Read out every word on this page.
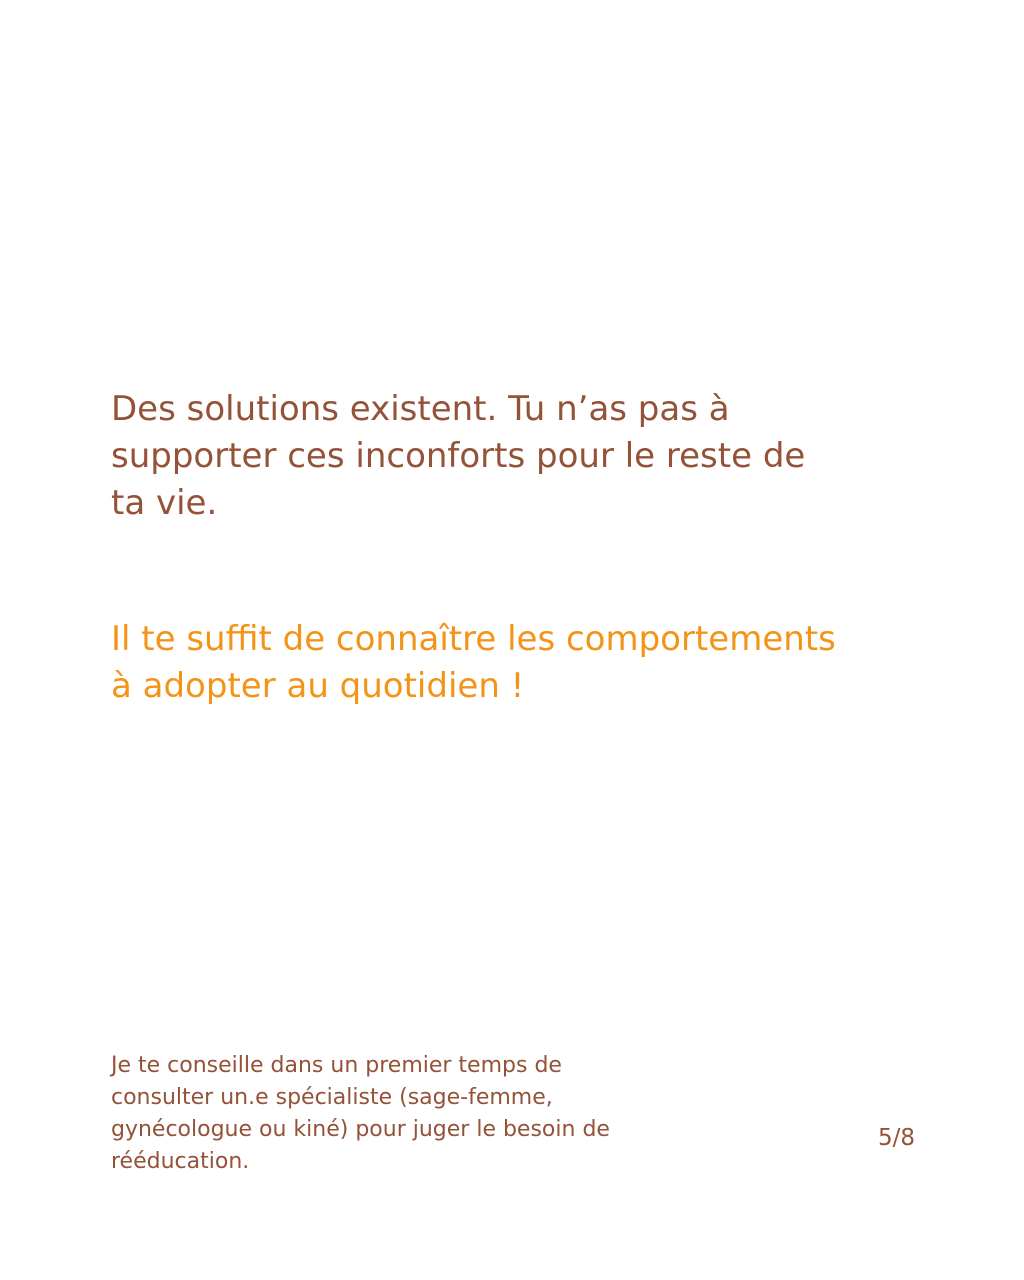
Des solutions existent. Tu n’as pas à
supporter ces inconforts pour le reste de
ta vie.

Il te suffit de connaître les comportements
à adopter au quotidien !

Je te conseille dans un premier temps de
consulter un.e spécialiste (sage-femme,
gynécologue ou kiné) pour juger le besoin de
rééducation.

5/8
